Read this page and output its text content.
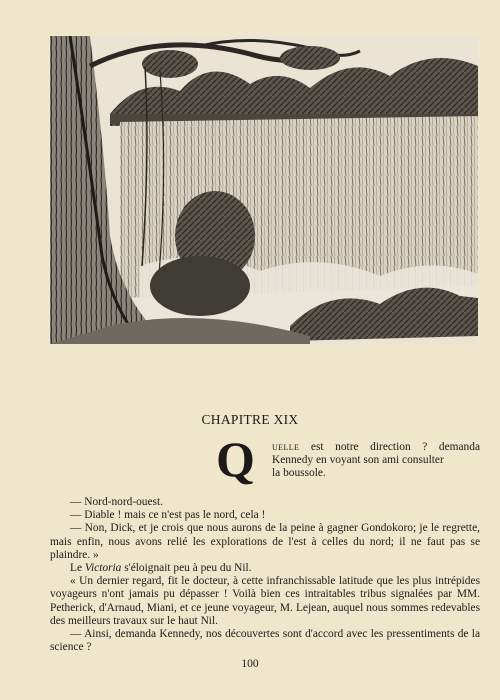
CHAPITRE XIX
Q uelle est notre direction ? demanda
Kennedy en voyant son ami consulter
la boussole.

— Nord-nord-ouest.

— Diable ! mais ce n'est pas le nord, cela !

— Non, Dick, et je crois que nous aurons de la peine à gagner Gondokoro; je le regrette, mais enfin, nous avons relié les explorations de l'est à celles du nord; il ne faut pas se plaindre. »

Le Victoria s'éloignait peu à peu du Nil.

« Un dernier regard, fit le docteur, à cette infranchissable latitude que les plus intrépides voyageurs n'ont jamais pu dépasser ! Voilà bien ces intraitables tribus signalées par MM. Petherick, d'Arnaud, Miani, et ce jeune voyageur, M. Lejean, auquel nous sommes redevables des meilleurs travaux sur le haut Nil.

— Ainsi, demanda Kennedy, nos découvertes sont d'accord avec les pressentiments de la science ?

100
